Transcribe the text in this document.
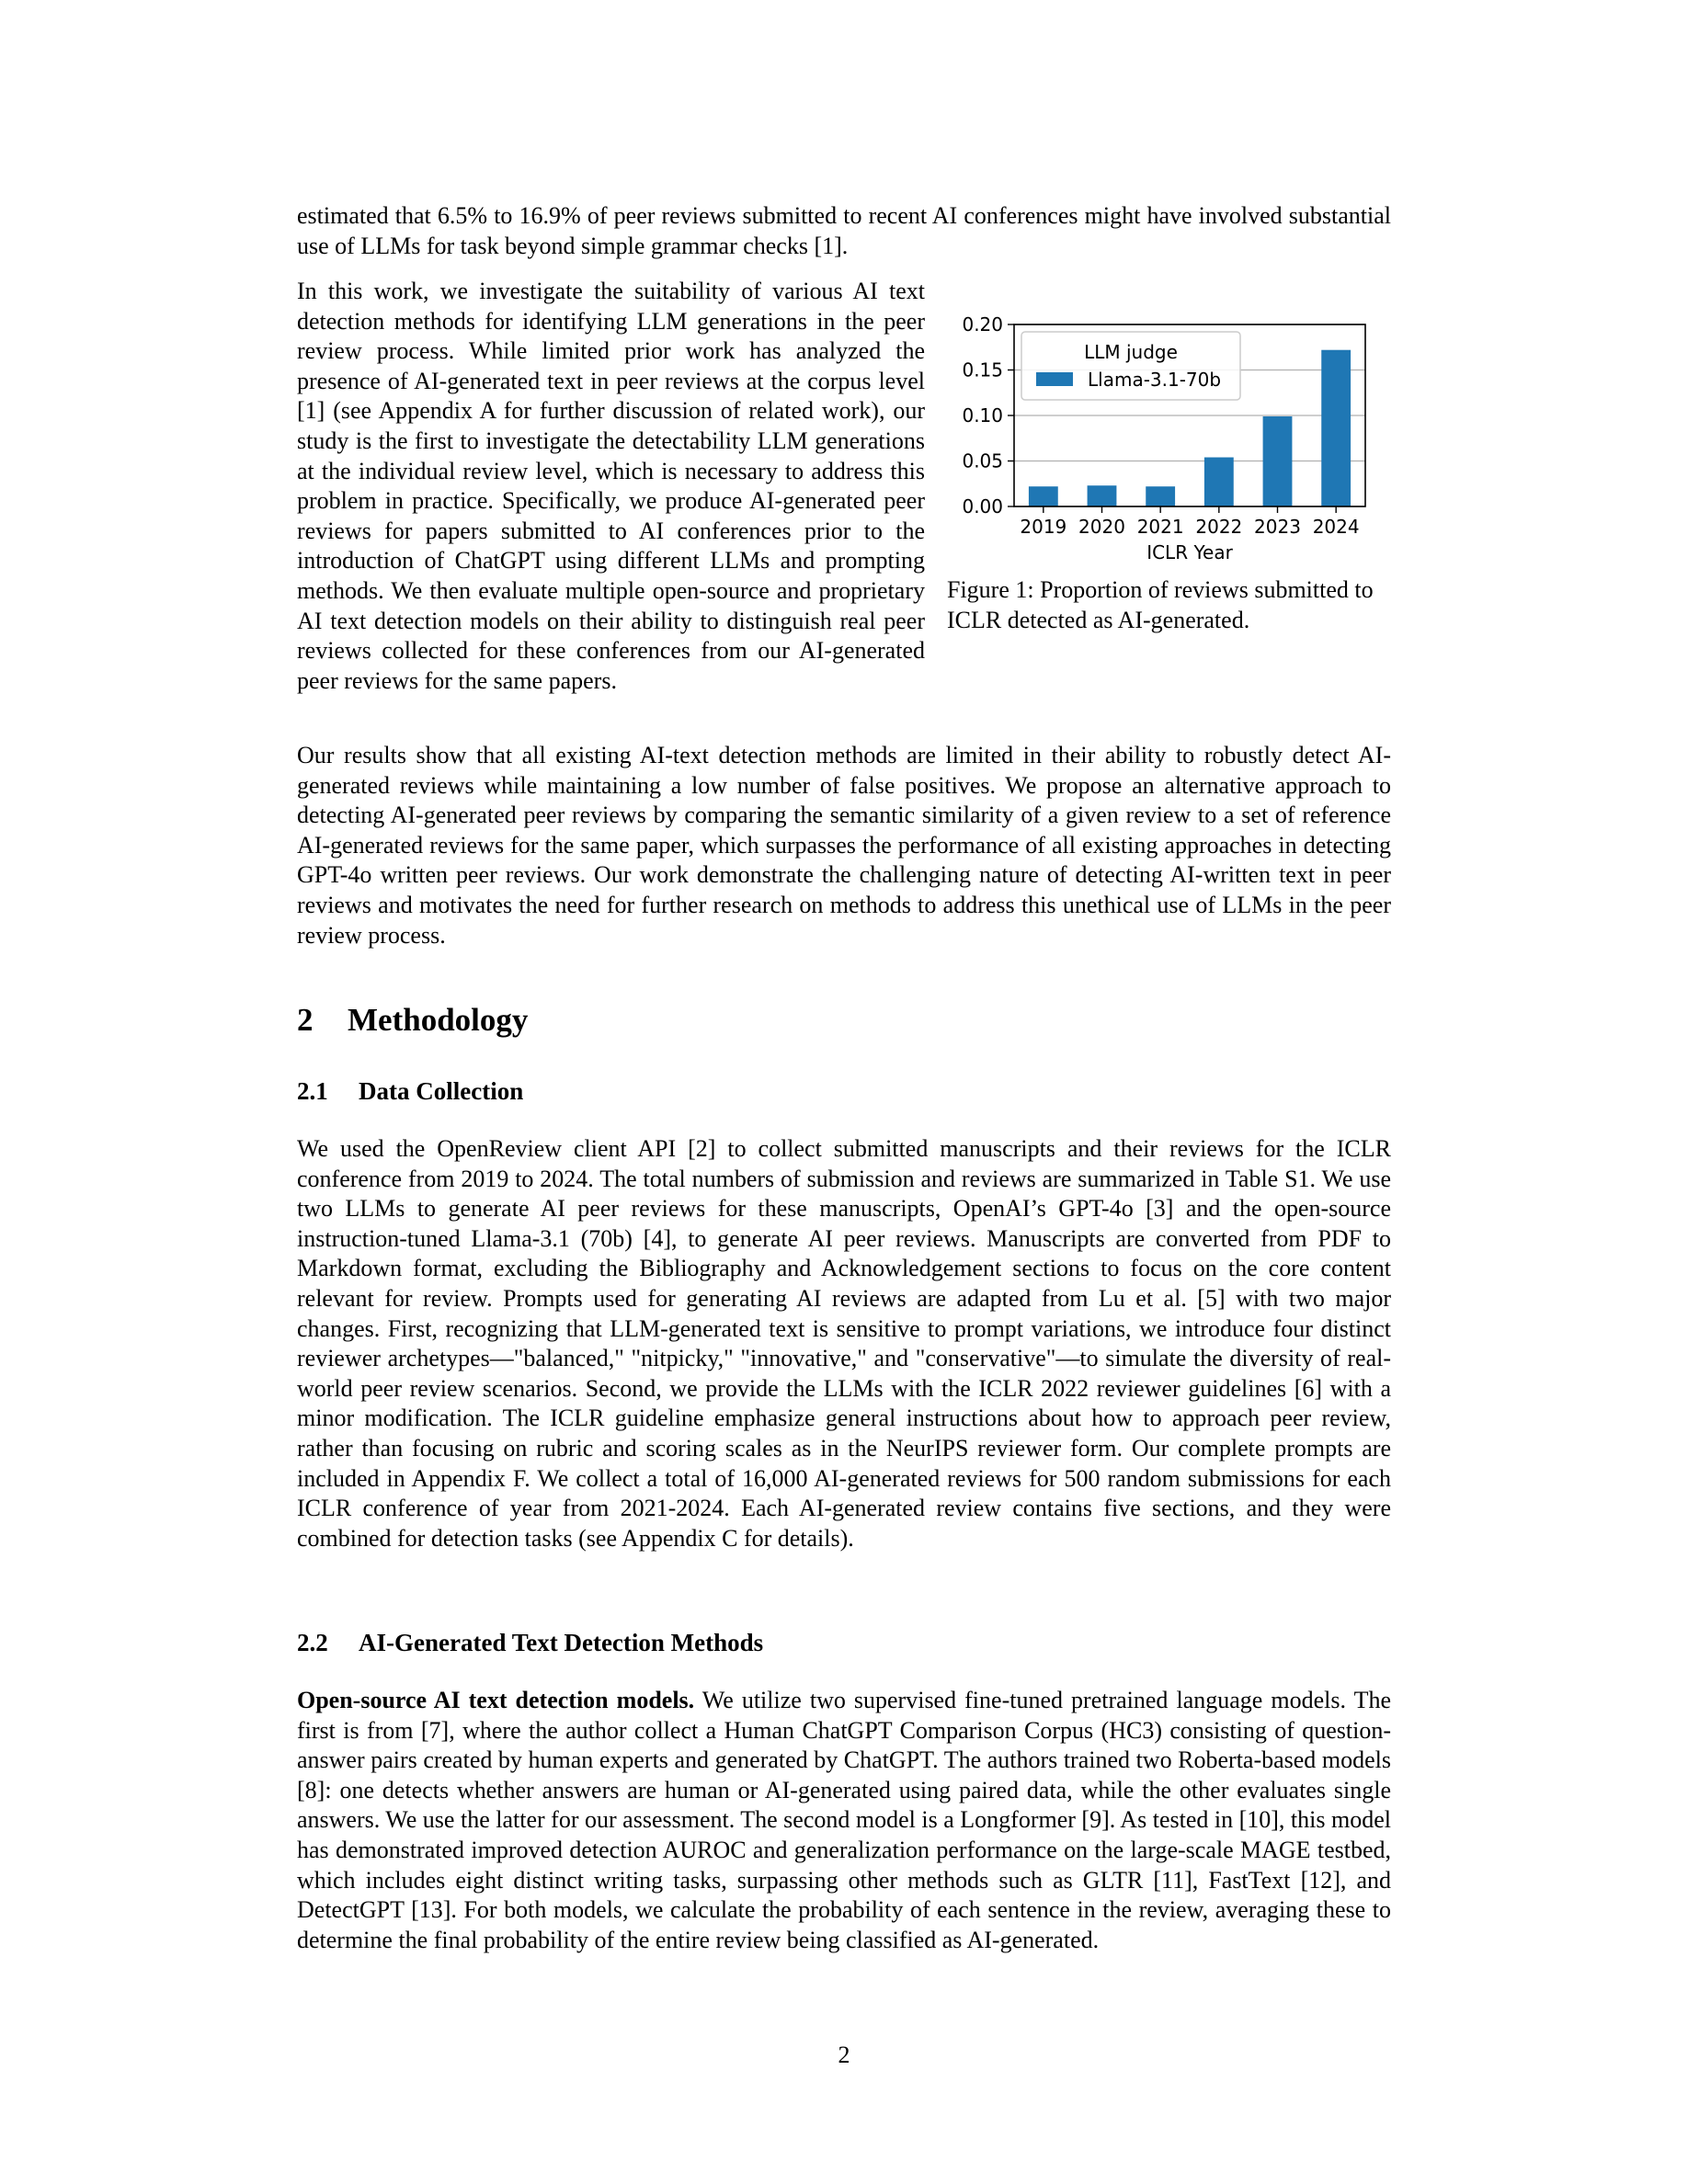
estimated that 6.5% to 16.9% of peer reviews submitted to recent AI conferences might have involved substantial use of LLMs for task beyond simple grammar checks [1].

In this work, we investigate the suitability of various AI text detection methods for identifying LLM generations in the peer review process. While limited prior work has analyzed the presence of AI-generated text in peer reviews at the corpus level [1] (see Appendix A for further discussion of related work), our study is the first to investigate the detectability LLM generations at the individual review level, which is necessary to address this problem in practice. Specifically, we produce AI-generated peer reviews for papers submitted to AI conferences prior to the introduction of ChatGPT using different LLMs and prompting methods. We then evaluate multiple open-source and proprietary AI text detection models on their ability to distinguish real peer reviews collected for these conferences from our AI-generated peer reviews for the same papers.

0.00
0.05
0.10
0.15
0.20
2019 2020 2021 2022 2023 2024
ICLR Year
LLM judge
Llama-3.1-70b

Figure 1: Proportion of reviews submitted to ICLR detected as AI-generated.

Our results show that all existing AI-text detection methods are limited in their ability to robustly detect AI-generated reviews while maintaining a low number of false positives. We propose an alternative approach to detecting AI-generated peer reviews by comparing the semantic similarity of a given review to a set of reference AI-generated reviews for the same paper, which surpasses the performance of all existing approaches in detecting GPT-4o written peer reviews. Our work demonstrate the challenging nature of detecting AI-written text in peer reviews and motivates the need for further research on methods to address this unethical use of LLMs in the peer review process.

2 Methodology
2.1 Data Collection

We used the OpenReview client API [2] to collect submitted manuscripts and their reviews for the ICLR conference from 2019 to 2024. The total numbers of submission and reviews are summarized in Table S1. We use two LLMs to generate AI peer reviews for these manuscripts, OpenAI’s GPT-4o [3] and the open-source instruction-tuned Llama-3.1 (70b) [4], to generate AI peer reviews. Manuscripts are converted from PDF to Markdown format, excluding the Bibliography and Acknowledgement sections to focus on the core content relevant for review. Prompts used for generating AI reviews are adapted from Lu et al. [5] with two major changes. First, recognizing that LLM-generated text is sensitive to prompt variations, we introduce four distinct reviewer archetypes—"balanced," "nitpicky," "innovative," and "conservative"—to simulate the diversity of real-world peer review scenarios. Second, we provide the LLMs with the ICLR 2022 reviewer guidelines [6] with a minor modification. The ICLR guideline emphasize general instructions about how to approach peer review, rather than focusing on rubric and scoring scales as in the NeurIPS reviewer form. Our complete prompts are included in Appendix F. We collect a total of 16,000 AI-generated reviews for 500 random submissions for each ICLR conference of year from 2021-2024. Each AI-generated review contains five sections, and they were combined for detection tasks (see Appendix C for details).

2.2 AI-Generated Text Detection Methods

Open-source AI text detection models. We utilize two supervised fine-tuned pretrained language models. The first is from [7], where the author collect a Human ChatGPT Comparison Corpus (HC3) consisting of question-answer pairs created by human experts and generated by ChatGPT. The authors trained two Roberta-based models [8]: one detects whether answers are human or AI-generated using paired data, while the other evaluates single answers. We use the latter for our assessment. The second model is a Longformer [9]. As tested in [10], this model has demonstrated improved detection AUROC and generalization performance on the large-scale MAGE testbed, which includes eight distinct writing tasks, surpassing other methods such as GLTR [11], FastText [12], and DetectGPT [13]. For both models, we calculate the probability of each sentence in the review, averaging these to determine the final probability of the entire review being classified as AI-generated.

2
